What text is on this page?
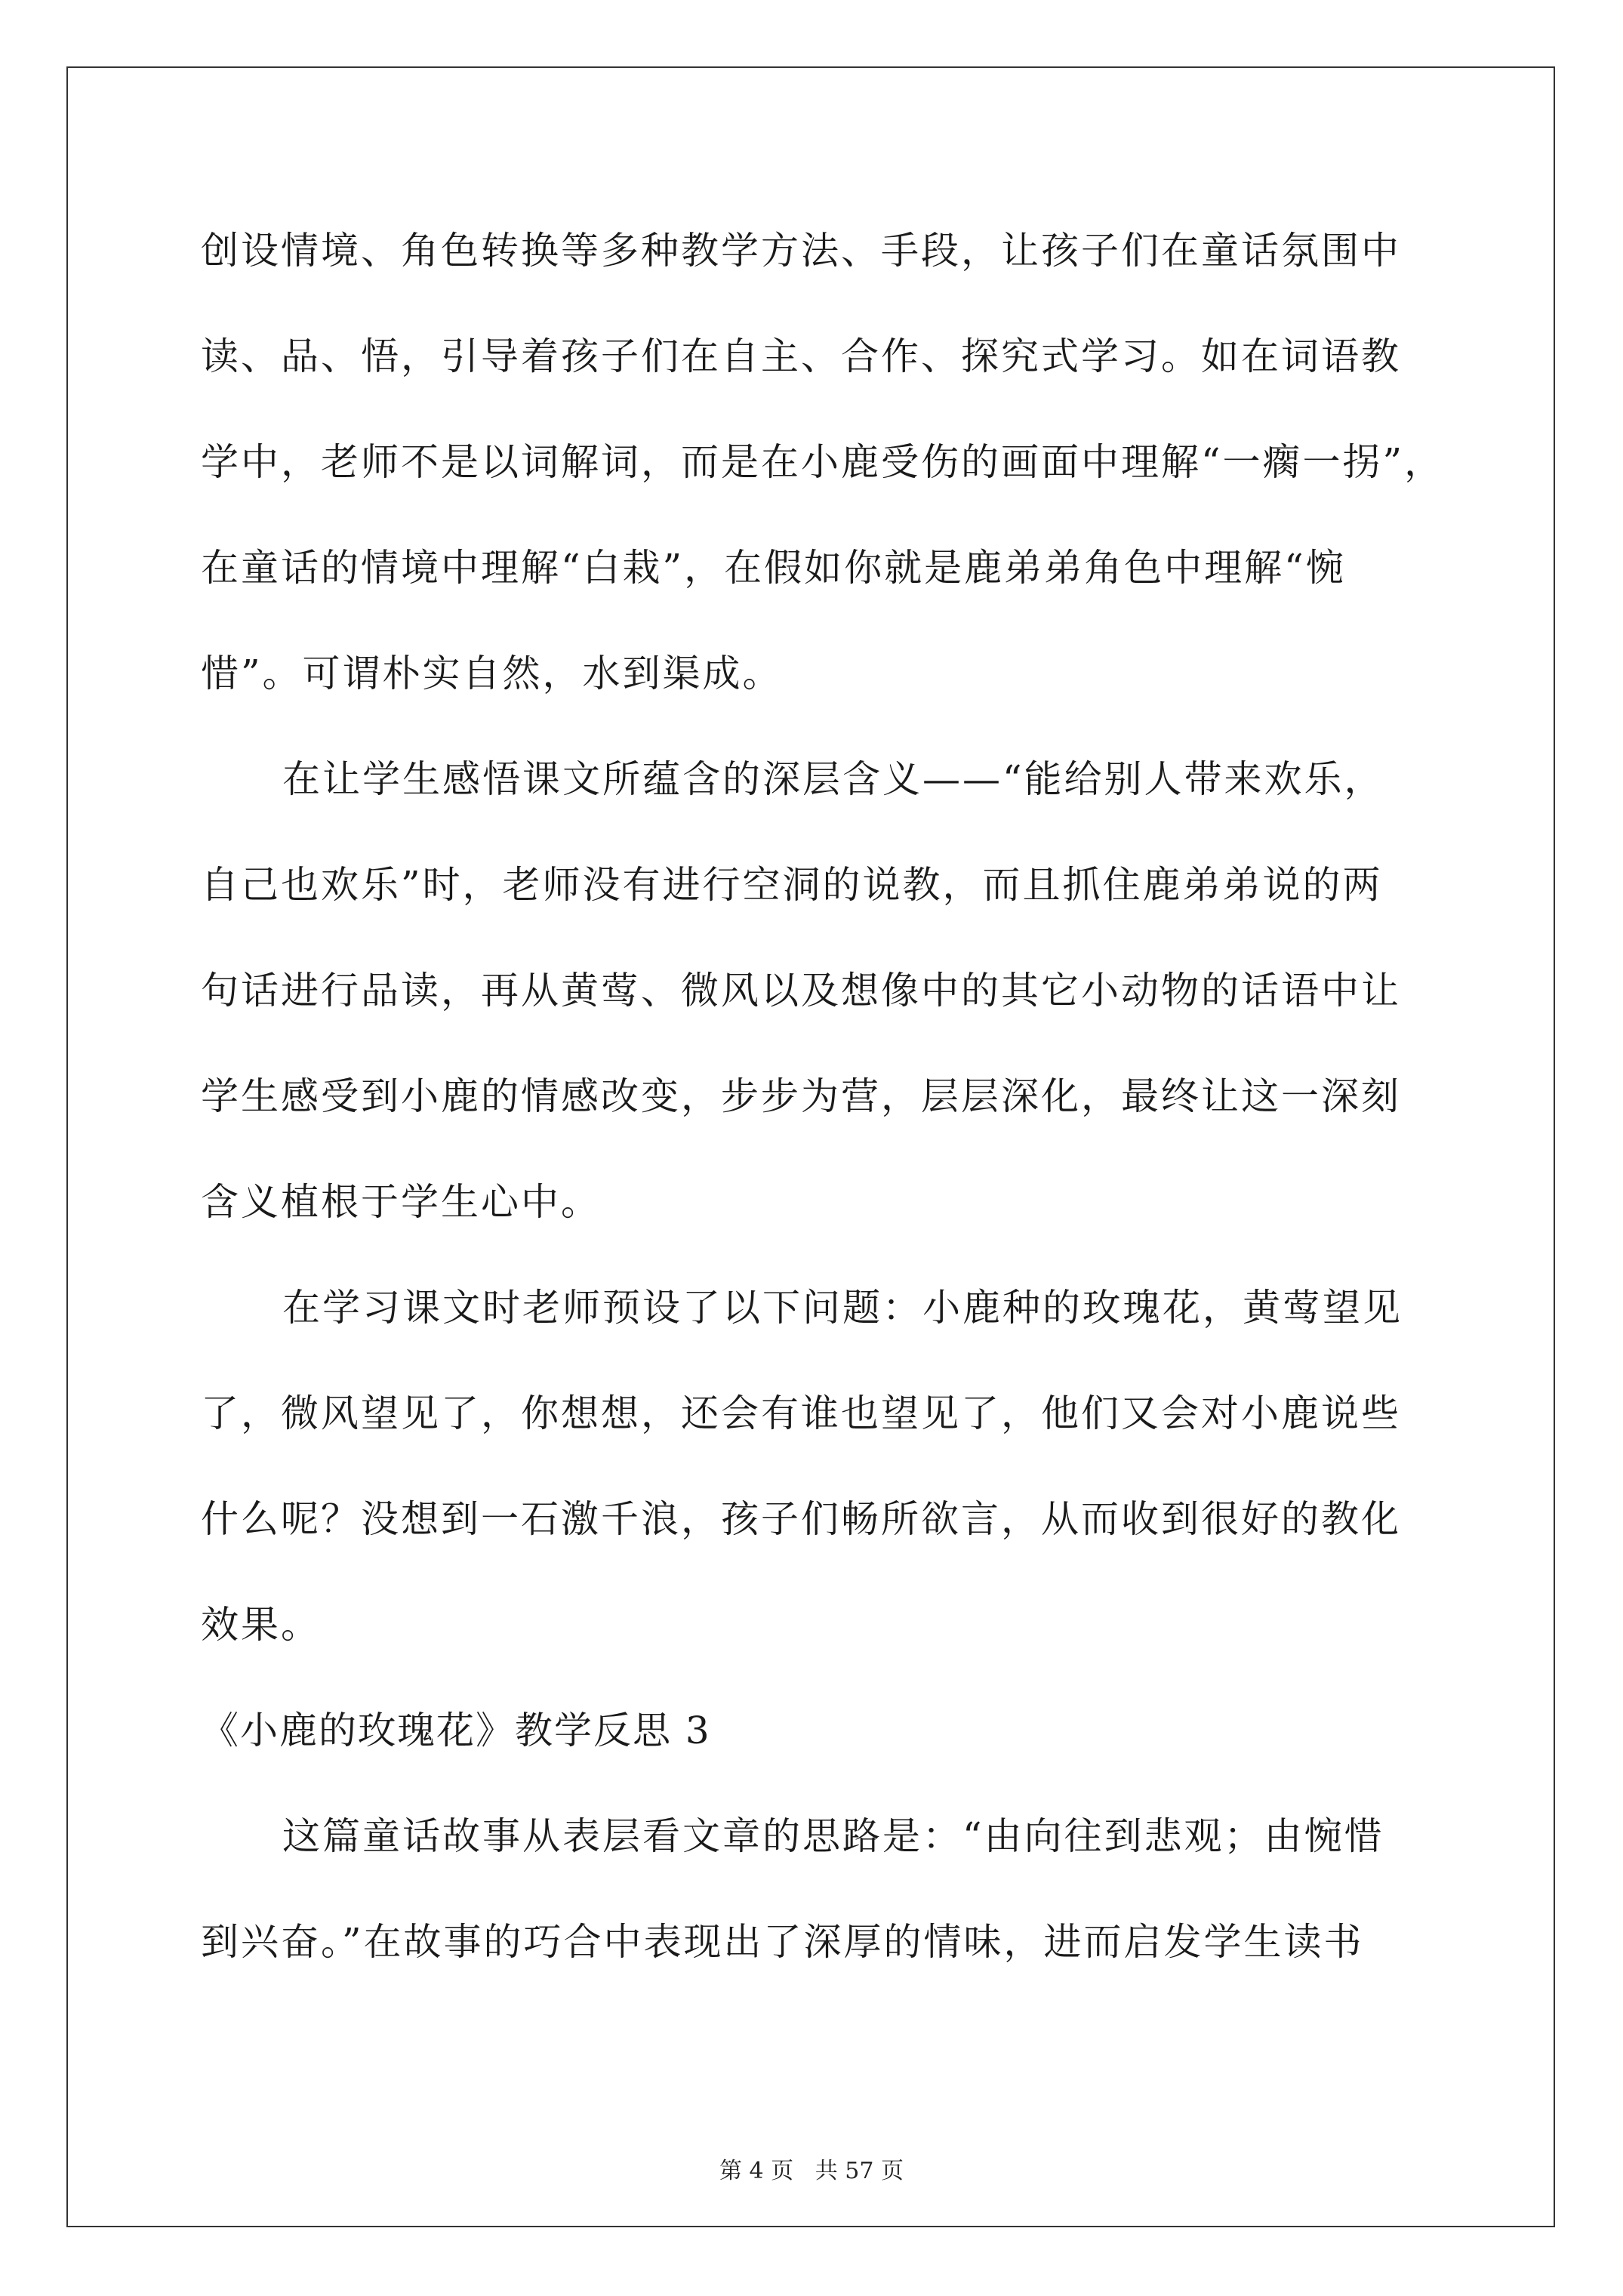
创设情境、角色转换等多种教学方法、手段，让孩子们在童话氛围中
读、品、悟，引导着孩子们在自主、合作、探究式学习。如在词语教
学中，老师不是以词解词，而是在小鹿受伤的画面中理解“一瘸一拐”，
在童话的情境中理解“白栽”，在假如你就是鹿弟弟角色中理解“惋
惜”。可谓朴实自然，水到渠成。
在让学生感悟课文所蕴含的深层含义——“能给别人带来欢乐，
自己也欢乐”时，老师没有进行空洞的说教，而且抓住鹿弟弟说的两
句话进行品读，再从黄莺、微风以及想像中的其它小动物的话语中让
学生感受到小鹿的情感改变，步步为营，层层深化，最终让这一深刻
含义植根于学生心中。
在学习课文时老师预设了以下问题：小鹿种的玫瑰花，黄莺望见
了，微风望见了，你想想，还会有谁也望见了，他们又会对小鹿说些
什么呢？没想到一石激千浪，孩子们畅所欲言，从而收到很好的教化
效果。
《小鹿的玫瑰花》教学反思 3
这篇童话故事从表层看文章的思路是：“由向往到悲观；由惋惜
到兴奋。”在故事的巧合中表现出了深厚的情味，进而启发学生读书
第 4 页   共 57 页
